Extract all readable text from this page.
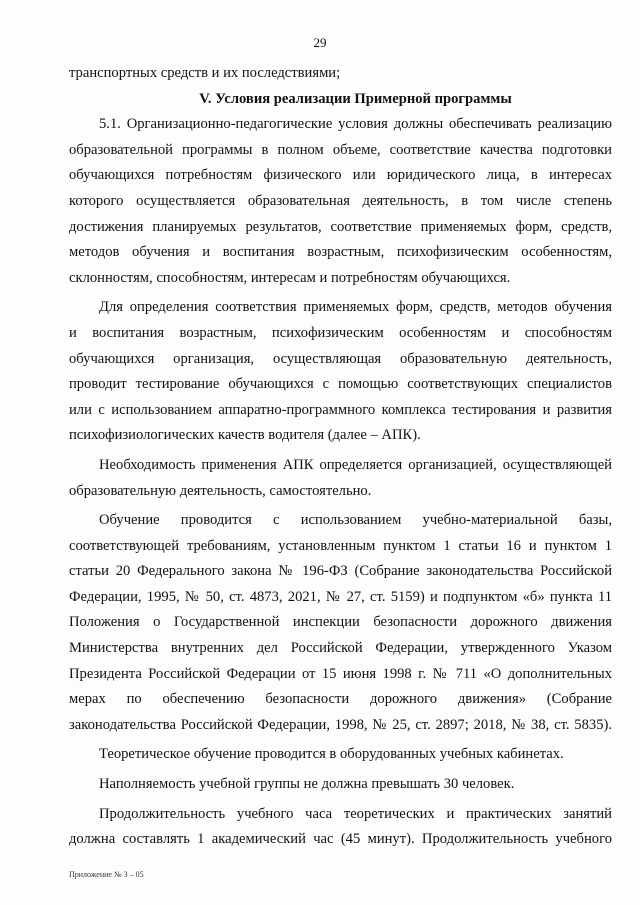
29
транспортных средств и их последствиями;
V. Условия реализации Примерной программы
5.1. Организационно-педагогические условия должны обеспечивать реализацию
образовательной программы в полном объеме, соответствие качества подготовки
обучающихся потребностям физического или юридического лица, в интересах
которого осуществляется образовательная деятельность, в том числе степень
достижения планируемых результатов, соответствие применяемых форм, средств,
методов обучения и воспитания возрастным, психофизическим особенностям,
склонностям, способностям, интересам и потребностям обучающихся.
Для определения соответствия применяемых форм, средств, методов обучения
и воспитания возрастным, психофизическим особенностям и способностям
обучающихся организация, осуществляющая образовательную деятельность,
проводит тестирование обучающихся с помощью соответствующих специалистов
или с использованием аппаратно-программного комплекса тестирования и развития
психофизиологических качеств водителя (далее – АПК).
Необходимость применения АПК определяется организацией, осуществляющей
образовательную деятельность, самостоятельно.
Обучение проводится с использованием учебно-материальной базы,
соответствующей требованиям, установленным пунктом 1 статьи 16 и пунктом 1
статьи 20 Федерального закона № 196-ФЗ (Собрание законодательства Российской
Федерации, 1995, № 50, ст. 4873, 2021, № 27, ст. 5159) и подпунктом «б» пункта 11
Положения о Государственной инспекции безопасности дорожного движения
Министерства внутренних дел Российской Федерации, утвержденного Указом
Президента Российской Федерации от 15 июня 1998 г. № 711 «О дополнительных
мерах по обеспечению безопасности дорожного движения» (Собрание
законодательства Российской Федерации, 1998, № 25, ст. 2897; 2018, № 38, ст. 5835).
Теоретическое обучение проводится в оборудованных учебных кабинетах.
Наполняемость учебной группы не должна превышать 30 человек.
Продолжительность учебного часа теоретических и практических занятий
должна составлять 1 академический час (45 минут). Продолжительность учебного
Приложение № 3 – 05
